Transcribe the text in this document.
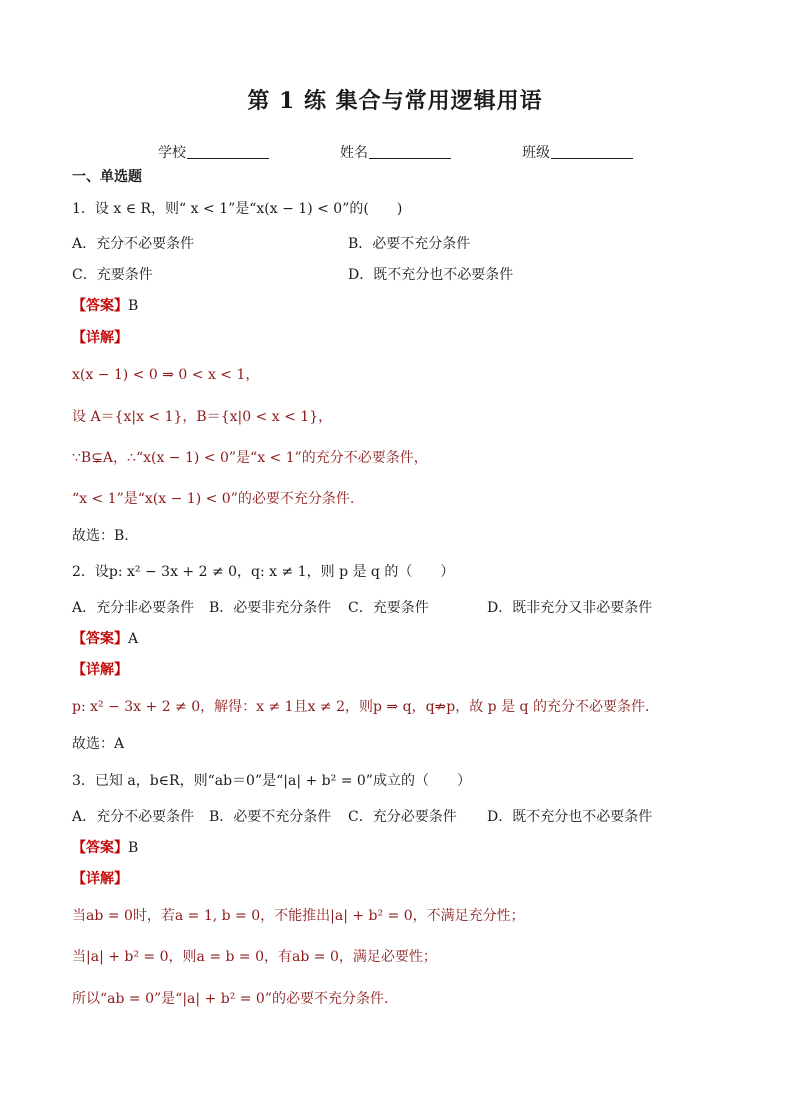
第 1 练 集合与常用逻辑用语
学校	姓名	班级
一、单选题
1．设 x ∈ R，则“ x < 1”是“x(x − 1) < 0”的(　　)
A．充分不必要条件	B．必要不充分条件
C．充要条件	D．既不充分也不必要条件
【答案】B
【详解】
x(x − 1) < 0 ⇒ 0 < x < 1，
设 A＝{x|x < 1}，B＝{x|0 < x < 1}，
∵B⊊A，∴“x(x − 1) < 0”是“x < 1”的充分不必要条件，
“x < 1”是“x(x − 1) < 0”的必要不充分条件.
故选：B.
2．设p: x² − 3x + 2 ≠ 0，q: x ≠ 1，则 p 是 q 的（　　）
A．充分非必要条件 B．必要非充分条件 C．充要条件	D．既非充分又非必要条件
【答案】A
【详解】
p: x² − 3x + 2 ≠ 0，解得：x ≠ 1且x ≠ 2，则p ⇒ q，q⇏p，故 p 是 q 的充分不必要条件.
故选：A
3．已知 a，b∈R，则“ab＝0”是“|a| + b² = 0”成立的（　　）
A．充分不必要条件 B．必要不充分条件 C．充分必要条件 D．既不充分也不必要条件
【答案】B
【详解】
当ab = 0时，若a = 1, b = 0，不能推出|a| + b² = 0，不满足充分性；
当|a| + b² = 0，则a = b = 0，有ab = 0，满足必要性；
所以“ab = 0”是“|a| + b² = 0”的必要不充分条件.
